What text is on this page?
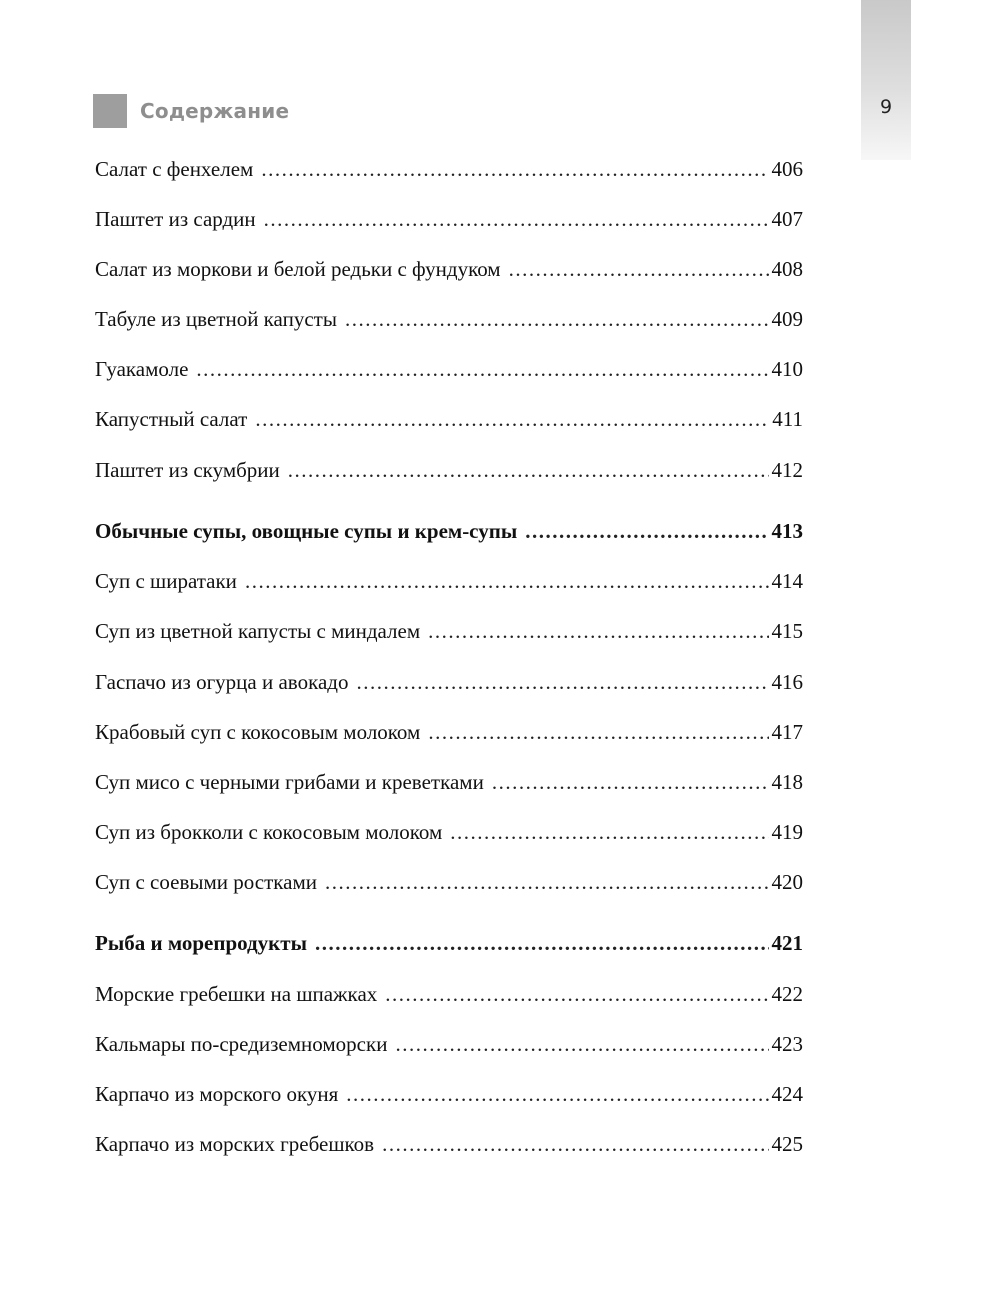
9
Содержание
Салат с фенхелем .....	406
Паштет из сардин .....	407
Салат из моркови и белой редьки с фундуком .....	408
Табуле из цветной капусты .....	409
Гуакамоле .....	410
Капустный салат .....	411
Паштет из скумбрии .....	412
Обычные супы, овощные супы и крем-супы .....	413
Суп с ширатаки .....	414
Суп из цветной капусты с миндалем .....	415
Гаспачо из огурца и авокадо .....	416
Крабовый суп с кокосовым молоком .....	417
Суп мисо с черными грибами и креветками .....	418
Суп из брокколи с кокосовым молоком .....	419
Суп с соевыми ростками .....	420
Рыба и морепродукты .....	421
Морские гребешки на шпажках .....	422
Кальмары по-средиземноморски .....	423
Карпачо из морского окуня .....	424
Карпачо из морских гребешков .....	425
